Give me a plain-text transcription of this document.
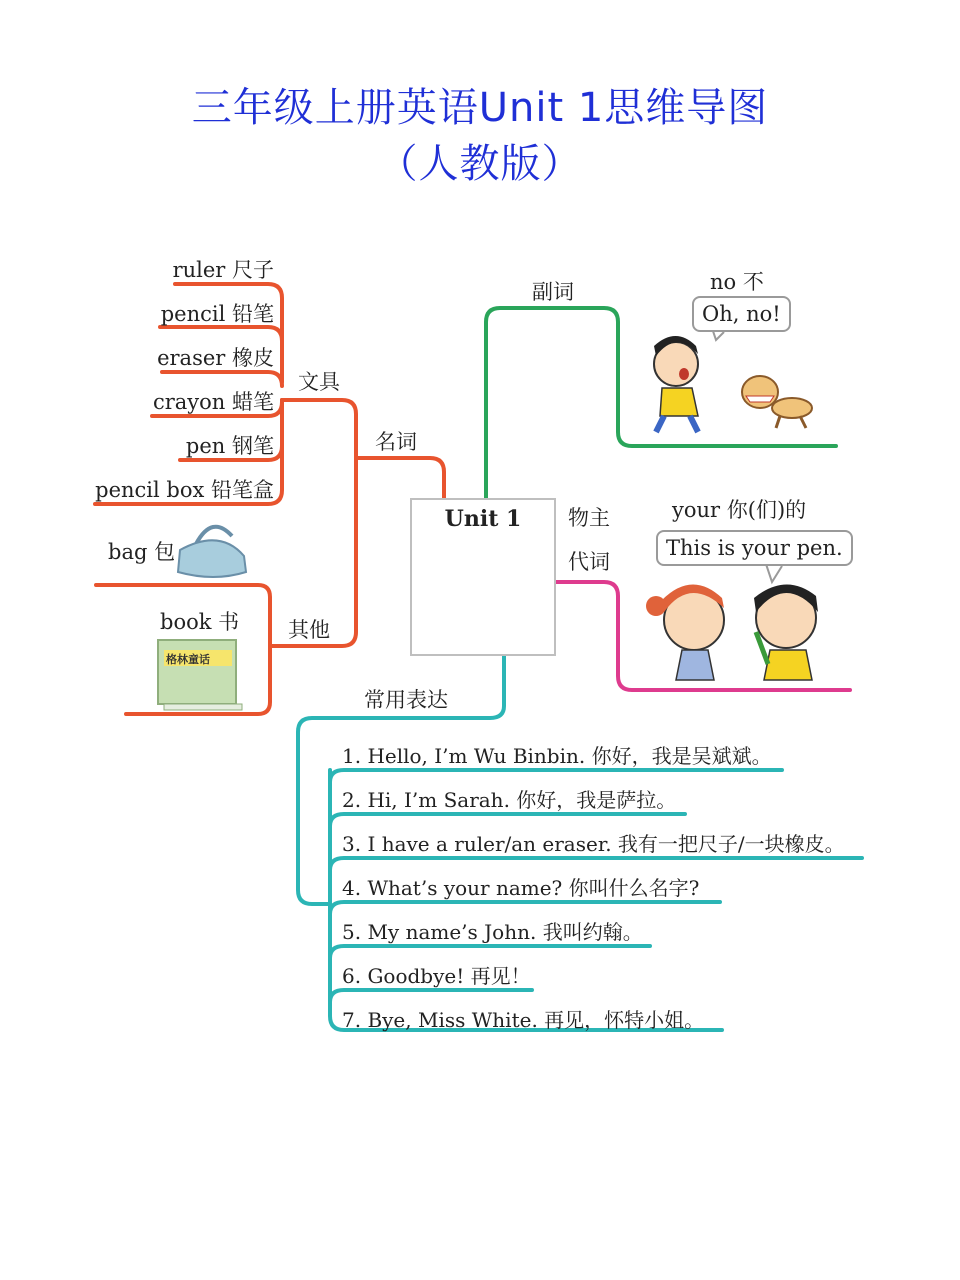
三年级上册英语Unit 1思维导图
（人教版）
名词
文具
其他
副词
物主
代词
常用表达
ruler 尺子
pencil 铅笔
eraser 橡皮
crayon 蜡笔
pen 钢笔
pencil box 铅笔盒
bag 包
book 书
格林童话
Unit 1
no 不
Oh, no!
your 你(们)的
This is your pen.
1. Hello, I’m Wu Binbin. 你好，我是吴斌斌。
2. Hi, I’m Sarah. 你好，我是萨拉。
3. I have a ruler/an eraser. 我有一把尺子/一块橡皮。
4. What’s your name? 你叫什么名字?
5. My name’s John. 我叫约翰。
6. Goodbye! 再见！
7. Bye, Miss White. 再见，怀特小姐。
